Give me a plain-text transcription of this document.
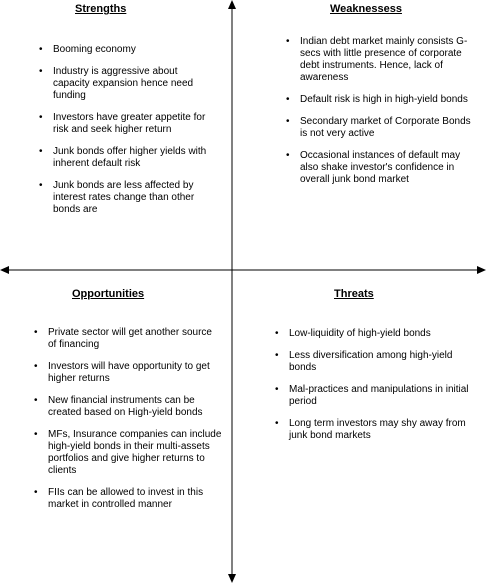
Strengths
• Booming economy
• Industry is aggressive about capacity expansion hence need funding
• Investors have greater appetite for risk and seek higher return
• Junk bonds offer higher yields with inherent default risk
• Junk bonds are less affected by interest rates change than other bonds are
Weaknessess
• Indian debt market mainly consists G-secs with little presence of corporate debt instruments. Hence, lack of awareness
• Default risk is high in high-yield bonds
• Secondary market of Corporate Bonds is not very active
• Occasional instances of default may also shake investor's confidence in overall junk bond market
Opportunities
• Private sector will get another source of financing
• Investors will have opportunity to get higher returns
• New financial instruments can be created based on High-yield bonds
• MFs, Insurance companies can include high-yield bonds in their multi-assets portfolios and give higher returns to clients
• FIIs can be allowed to invest in this market in controlled manner
Threats
• Low-liquidity of high-yield bonds
• Less diversification among high-yield bonds
• Mal-practices and manipulations in initial period
• Long term investors may shy away from junk bond markets
